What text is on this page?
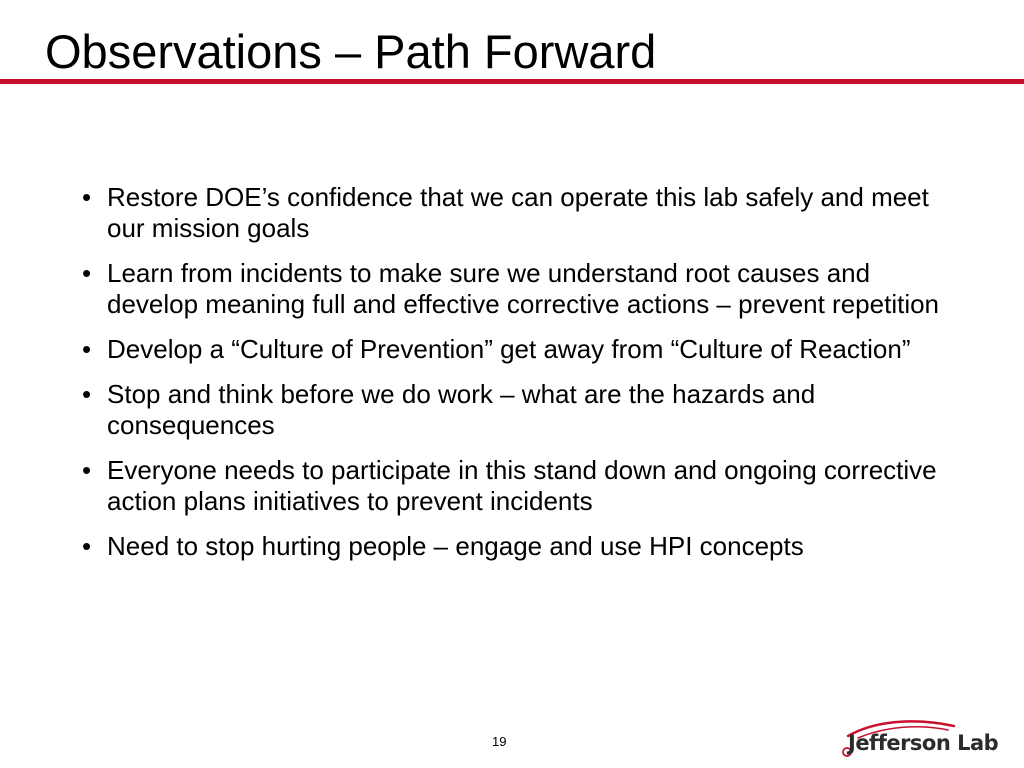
Observations – Path Forward
• Restore DOE’s confidence that we can operate this lab safely and meet our mission goals
• Learn from incidents to make sure we understand root causes and develop meaning full and effective corrective actions – prevent repetition
• Develop a “Culture of Prevention” get away from “Culture of Reaction”
• Stop and think before we do work – what are the hazards and consequences
• Everyone needs to participate in this stand down and ongoing corrective action plans initiatives to prevent incidents
• Need to stop hurting people – engage and use HPI concepts
19	Jefferson Lab
